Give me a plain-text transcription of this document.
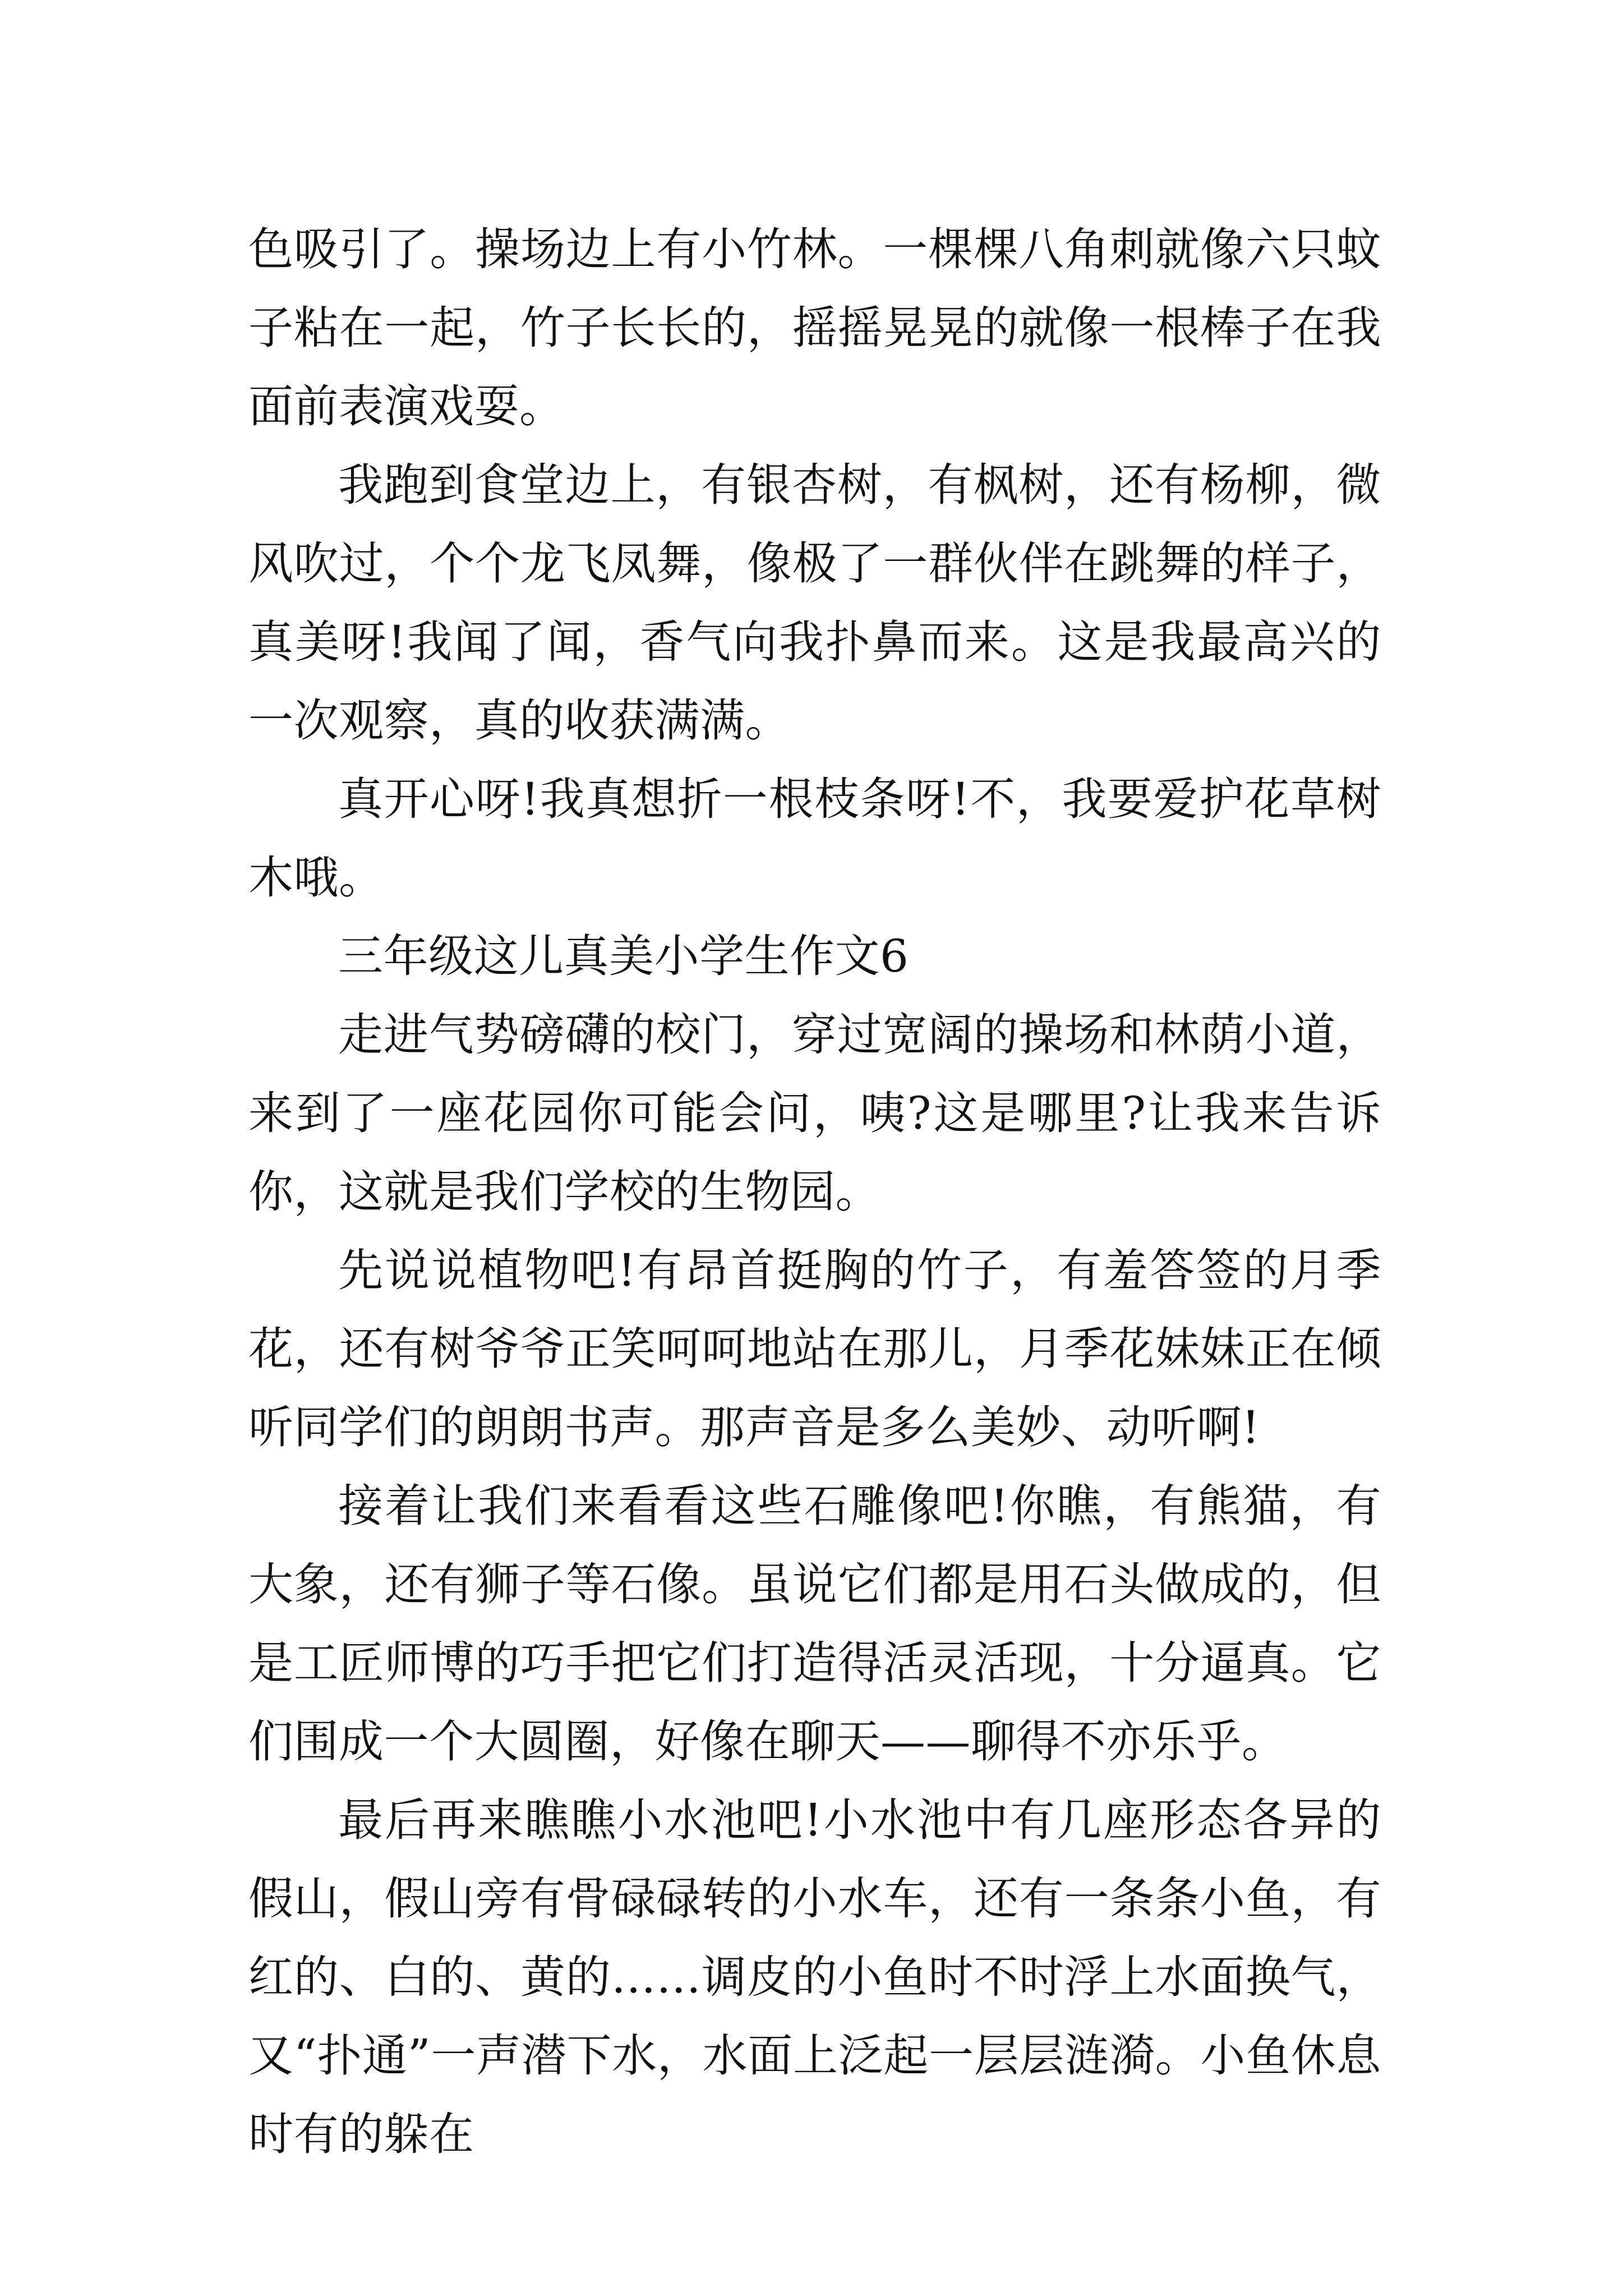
色吸引了。操场边上有小竹林。一棵棵八角刺就像六只蚊子粘在一起，竹子长长的，摇摇晃晃的就像一根棒子在我面前表演戏耍。

我跑到食堂边上，有银杏树，有枫树，还有杨柳，微风吹过，个个龙飞凤舞，像极了一群伙伴在跳舞的样子，真美呀!我闻了闻，香气向我扑鼻而来。这是我最高兴的一次观察，真的收获满满。

真开心呀!我真想折一根枝条呀!不，我要爱护花草树木哦。

三年级这儿真美小学生作文6

走进气势磅礴的校门，穿过宽阔的操场和林荫小道，来到了一座花园你可能会问，咦?这是哪里?让我来告诉你，这就是我们学校的生物园。

先说说植物吧!有昂首挺胸的竹子，有羞答签的月季花，还有树爷爷正笑呵呵地站在那儿，月季花妹妹正在倾听同学们的朗朗书声。那声音是多么美妙、动听啊!

接着让我们来看看这些石雕像吧!你瞧，有熊猫，有大象，还有狮子等石像。虽说它们都是用石头做成的，但是工匠师博的巧手把它们打造得活灵活现，十分逼真。它们围成一个大圆圈，好像在聊天——聊得不亦乐乎。

最后再来瞧瞧小水池吧!小水池中有几座形态各异的假山，假山旁有骨碌碌转的小水车，还有一条条小鱼，有红的、白的、黄的……调皮的小鱼时不时浮上水面换气，又“扑通”一声潜下水，水面上泛起一层层涟漪。小鱼休息时有的躲在
